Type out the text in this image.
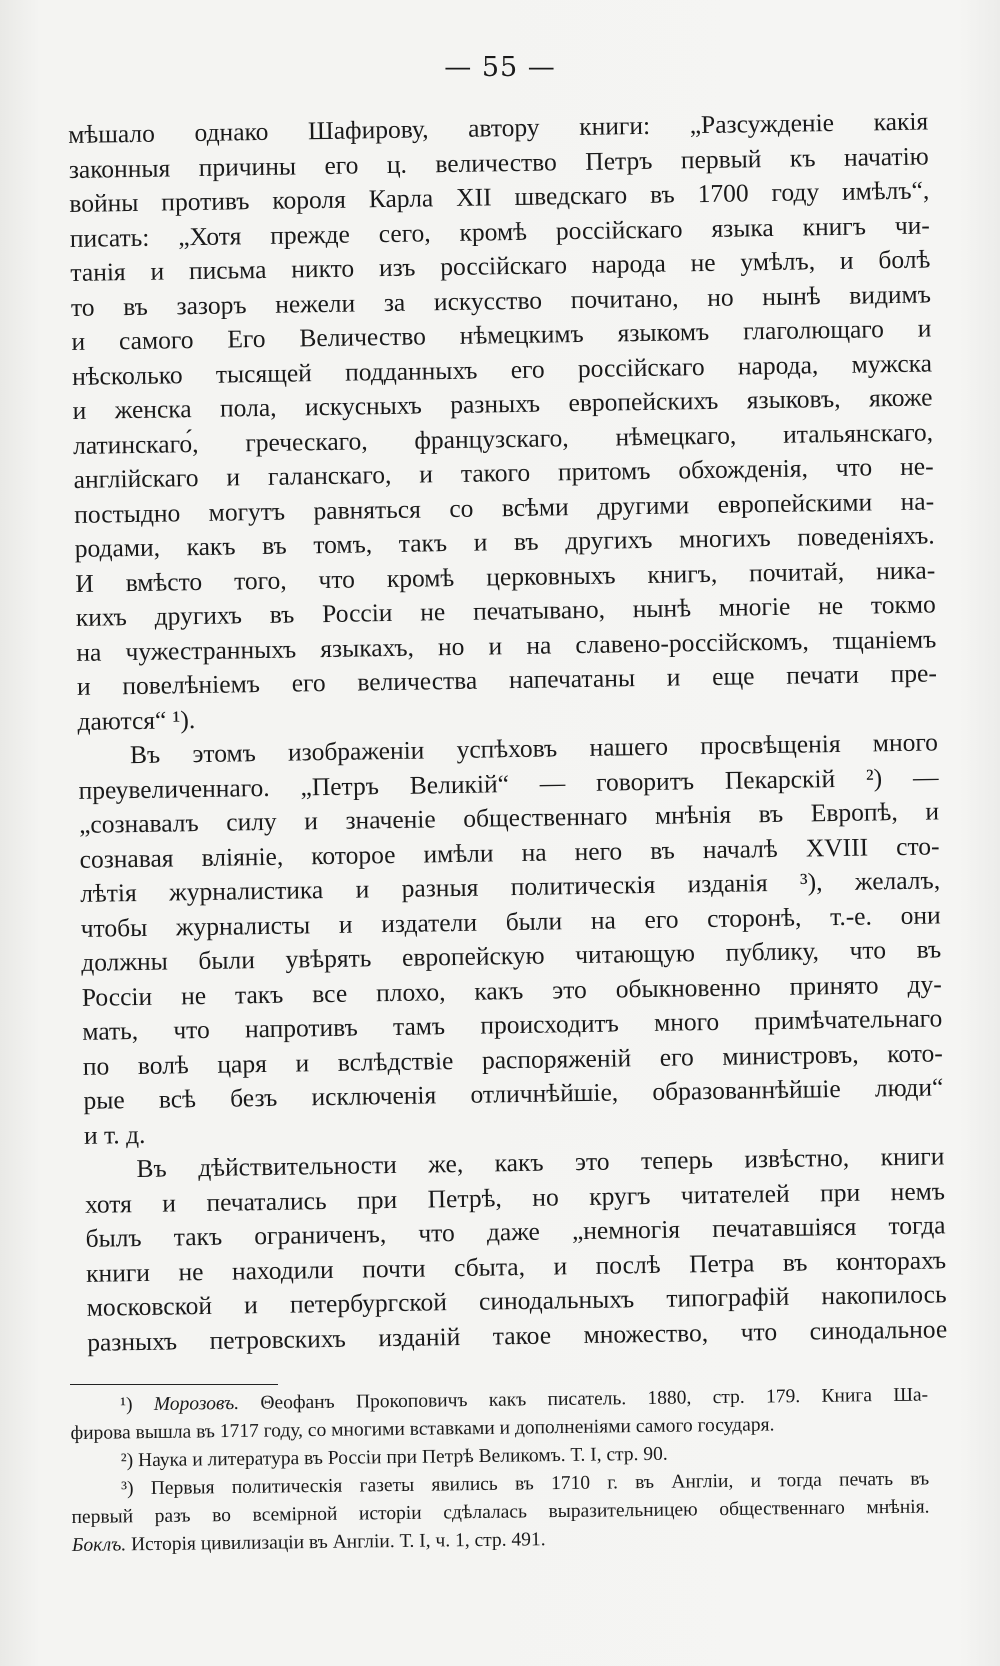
— 55 —

мѣшало однако Шафирову, автору книги: „Разсужденіе какія
законныя причины его ц. величество Петръ первый къ начатію
войны противъ короля Карла XII шведскаго въ 1700 году имѣлъ“,
писать: „Хотя прежде сего, кромѣ россійскаго языка книгъ чи-
танія и письма никто изъ россійскаго народа не умѣлъ, и болѣ
то въ зазоръ нежели за искусство почитано, но нынѣ видимъ
и самого Его Величество нѣмецкимъ языкомъ глаголющаго и
нѣсколько тысящей подданныхъ его россійскаго народа, мужска
и женска пола, искусныхъ разныхъ европейскихъ языковъ, якоже
латинскаго́, греческаго, французскаго, нѣмецкаго, итальянскаго,
англійскаго и галанскаго, и такого притомъ обхожденія, что не-
постыдно могутъ равняться со всѣми другими европейскими на-
родами, какъ въ томъ, такъ и въ другихъ многихъ поведеніяхъ.
И вмѣсто того, что кромѣ церковныхъ книгъ, почитай, ника-
кихъ другихъ въ Россіи не печатывано, нынѣ многіе не токмо
на чужестранныхъ языкахъ, но и на славено-россійскомъ, тщаніемъ
и повелѣніемъ его величества напечатаны и еще печати пре-
даются“ ¹).

Въ этомъ изображеніи успѣховъ нашего просвѣщенія много
преувеличеннаго. „Петръ Великій“ — говоритъ Пекарскій ²) —
„сознавалъ силу и значеніе общественнаго мнѣнія въ Европѣ, и
сознавая вліяніе, которое имѣли на него въ началѣ XVIII сто-
лѣтія журналистика и разныя политическія изданія ³), желалъ,
чтобы журналисты и издатели были на его сторонѣ, т.-е. они
должны были увѣрять европейскую читающую публику, что въ
Россіи не такъ все плохо, какъ это обыкновенно принято ду-
мать, что напротивъ тамъ происходитъ много примѣчательнаго
по волѣ царя и вслѣдствіе распоряженій его министровъ, кото-
рые всѣ безъ исключенія отличнѣйшіе, образованнѣйшіе люди“
и т. д.

Въ дѣйствительности же, какъ это теперь извѣстно, книги
хотя и печатались при Петрѣ, но кругъ читателей при немъ
былъ такъ ограниченъ, что даже „немногія печатавшіяся тогда
книги не находили почти сбыта, и послѣ Петра въ конторахъ
московской и петербургской синодальныхъ типографій накопилось
разныхъ петровскихъ изданій такое множество, что синодальное

¹) Морозовъ. Θеофанъ Прокоповичъ какъ писатель. 1880, стр. 179. Книга Ша-
фирова вышла въ 1717 году, со многими вставками и дополненіями самого государя.

²) Наука и литература въ Россіи при Петрѣ Великомъ. Т. I, стр. 90.

³) Первыя политическія газеты явились въ 1710 г. въ Англіи, и тогда печать въ
первый разъ во всемірной исторіи сдѣлалась выразительницею общественнаго мнѣнія.
Боклъ. Исторія цивилизаціи въ Англіи. Т. I, ч. 1, стр. 491.
